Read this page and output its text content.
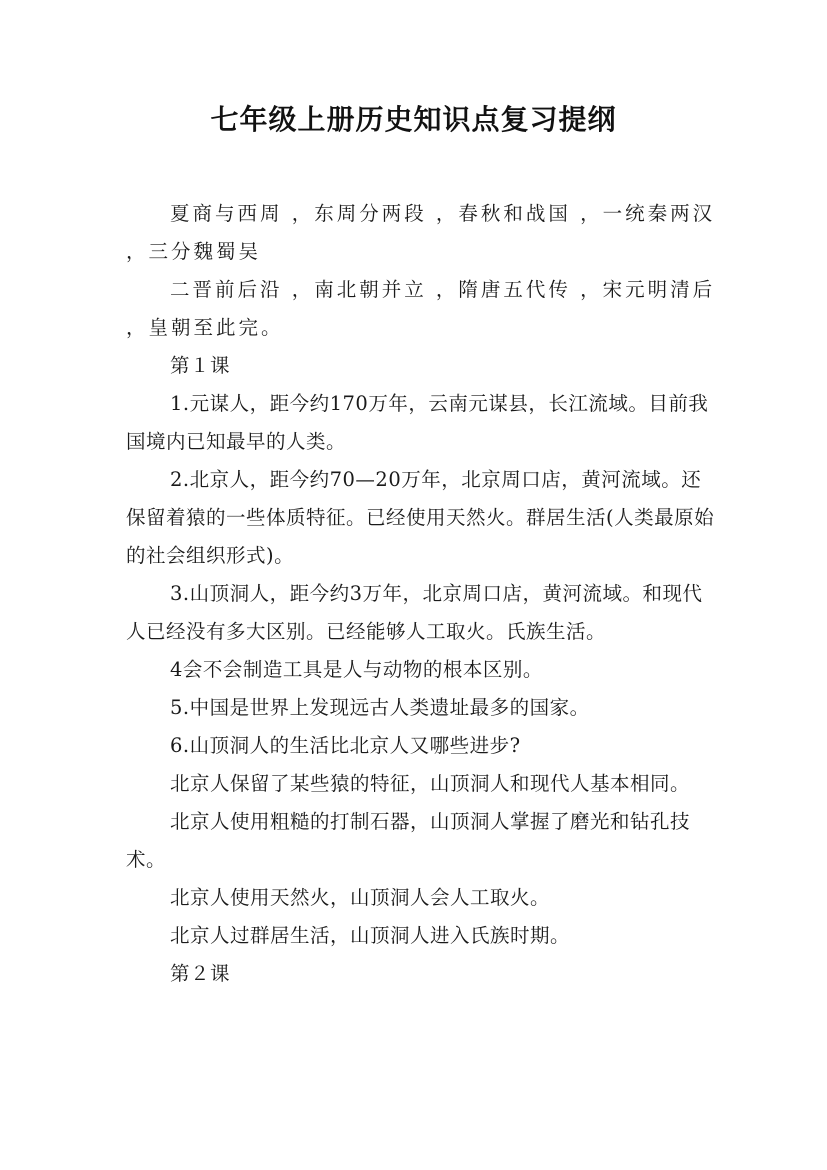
七年级上册历史知识点复习提纲

夏商与西周 ，东周分两段 ，春秋和战国 ，一统秦两汉 ，三分魏蜀吴

二晋前后沿 ，南北朝并立 ，隋唐五代传 ，宋元明清后 ，皇朝至此完。

第１课

1.元谋人，距今约170万年，云南元谋县，长江流域。目前我国境内已知最早的人类。

2.北京人，距今约70—20万年，北京周口店，黄河流域。还保留着猿的一些体质特征。已经使用天然火。群居生活(人类最原始的社会组织形式)。

3.山顶洞人，距今约3万年，北京周口店，黄河流域。和现代人已经没有多大区别。已经能够人工取火。氏族生活。

4会不会制造工具是人与动物的根本区别。

5.中国是世界上发现远古人类遗址最多的国家。

6.山顶洞人的生活比北京人又哪些进步?

北京人保留了某些猿的特征，山顶洞人和现代人基本相同。

北京人使用粗糙的打制石器，山顶洞人掌握了磨光和钻孔技术。

北京人使用天然火，山顶洞人会人工取火。

北京人过群居生活，山顶洞人进入氏族时期。

第２课
